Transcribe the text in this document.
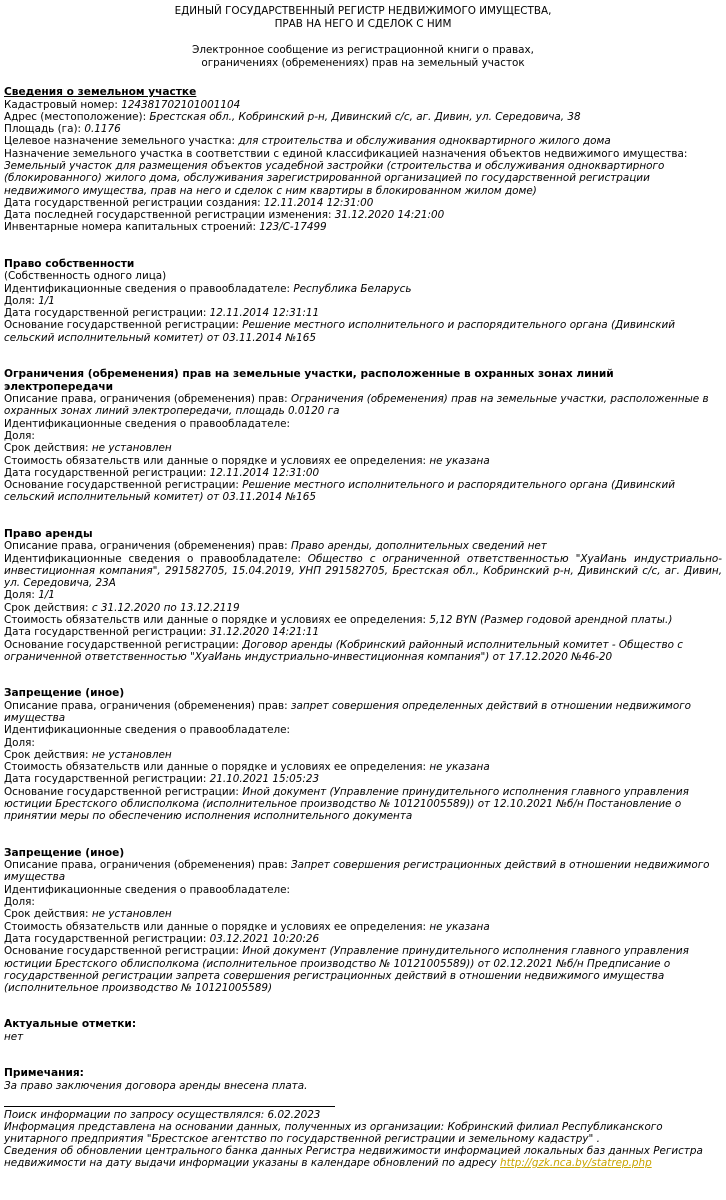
ЕДИНЫЙ ГОСУДАРСТВЕННЫЙ РЕГИСТР НЕДВИЖИМОГО ИМУЩЕСТВА,
ПРАВ НА НЕГО И СДЕЛОК С НИМ
Электронное сообщение из регистрационной книги о правах,
ограничениях (обременениях) прав на земельный участок
Сведения о земельном участке
Кадастровый номер: 124381702101001104
Адрес (местоположение): Брестская обл., Кобринский р-н, Дивинский с/с, аг. Дивин, ул. Середовича, 38
Площадь (га): 0.1176
Целевое назначение земельного участка: для строительства и обслуживания одноквартирного жилого дома
Назначение земельного участка в соответствии с единой классификацией назначения объектов недвижимого имущества:
Земельный участок для размещения объектов усадебной застройки (строительства и обслуживания одноквартирного (блокированного) жилого дома, обслуживания зарегистрированной организацией по государственной регистрации недвижимого имущества, прав на него и сделок с ним квартиры в блокированном жилом доме)
Дата государственной регистрации создания: 12.11.2014 12:31:00
Дата последней государственной регистрации изменения: 31.12.2020 14:21:00
Инвентарные номера капитальных строений: 123/С-17499
Право собственности
(Собственность одного лица)
Идентификационные сведения о правообладателе: Республика Беларусь
Доля: 1/1
Дата государственной регистрации: 12.11.2014 12:31:11
Основание государственной регистрации: Решение местного исполнительного и распорядительного органа (Дивинский сельский исполнительный комитет) от 03.11.2014 №165
Ограничения (обременения) прав на земельные участки, расположенные в охранных зонах линий электропередачи
Описание права, ограничения (обременения) прав: Ограничения (обременения) прав на земельные участки, расположенные в охранных зонах линий электропередачи, площадь 0.0120 га
Идентификационные сведения о правообладателе:
Доля:
Срок действия: не установлен
Стоимость обязательств или данные о порядке и условиях ее определения: не указана
Дата государственной регистрации: 12.11.2014 12:31:00
Основание государственной регистрации: Решение местного исполнительного и распорядительного органа (Дивинский сельский исполнительный комитет) от 03.11.2014 №165
Право аренды
Описание права, ограничения (обременения) прав: Право аренды, дополнительных сведений нет
Идентификационные сведения о правообладателе: Общество с ограниченной ответственностью "ХуаИань индустриально-инвестиционная компания", 291582705, 15.04.2019, УНП 291582705, Брестская обл., Кобринский р-н, Дивинский с/с, аг. Дивин, ул. Середовича, 23А
Доля: 1/1
Срок действия: с 31.12.2020 по 13.12.2119
Стоимость обязательств или данные о порядке и условиях ее определения: 5,12 BYN (Размер годовой арендной платы.)
Дата государственной регистрации: 31.12.2020 14:21:11
Основание государственной регистрации: Договор аренды (Кобринский районный исполнительный комитет - Общество с ограниченной ответственностью "ХуаИань индустриально-инвестиционная компания") от 17.12.2020 №46-20
Запрещение (иное)
Описание права, ограничения (обременения) прав: запрет совершения определенных действий в отношении недвижимого имущества
Идентификационные сведения о правообладателе:
Доля:
Срок действия: не установлен
Стоимость обязательств или данные о порядке и условиях ее определения: не указана
Дата государственной регистрации: 21.10.2021 15:05:23
Основание государственной регистрации: Иной документ (Управление принудительного исполнения главного управления юстиции Брестского облисполкома (исполнительное производство № 10121005589)) от 12.10.2021 №б/н Постановление о принятии меры по обеспечению исполнения исполнительного документа
Запрещение (иное)
Описание права, ограничения (обременения) прав: Запрет совершения регистрационных действий в отношении недвижимого имущества
Идентификационные сведения о правообладателе:
Доля:
Срок действия: не установлен
Стоимость обязательств или данные о порядке и условиях ее определения: не указана
Дата государственной регистрации: 03.12.2021 10:20:26
Основание государственной регистрации: Иной документ (Управление принудительного исполнения главного управления юстиции Брестского облисполкома (исполнительное производство № 10121005589)) от 02.12.2021 №б/н Предписание о государственной регистрации запрета совершения регистрационных действий в отношении недвижимого имущества (исполнительное производство № 10121005589)
Актуальные отметки:
нет
Примечания:
За право заключения договора аренды внесена плата.
Поиск информации по запросу осуществлялся: 6.02.2023
Информация представлена на основании данных, полученных из организации: Кобринский филиал Республиканского унитарного предприятия "Брестское агентство по государственной регистрации и земельному кадастру" .
Сведения об обновлении центрального банка данных Регистра недвижимости информацией локальных баз данных Регистра недвижимости на дату выдачи информации указаны в календаре обновлений по адресу http://gzk.nca.by/statrep.php
